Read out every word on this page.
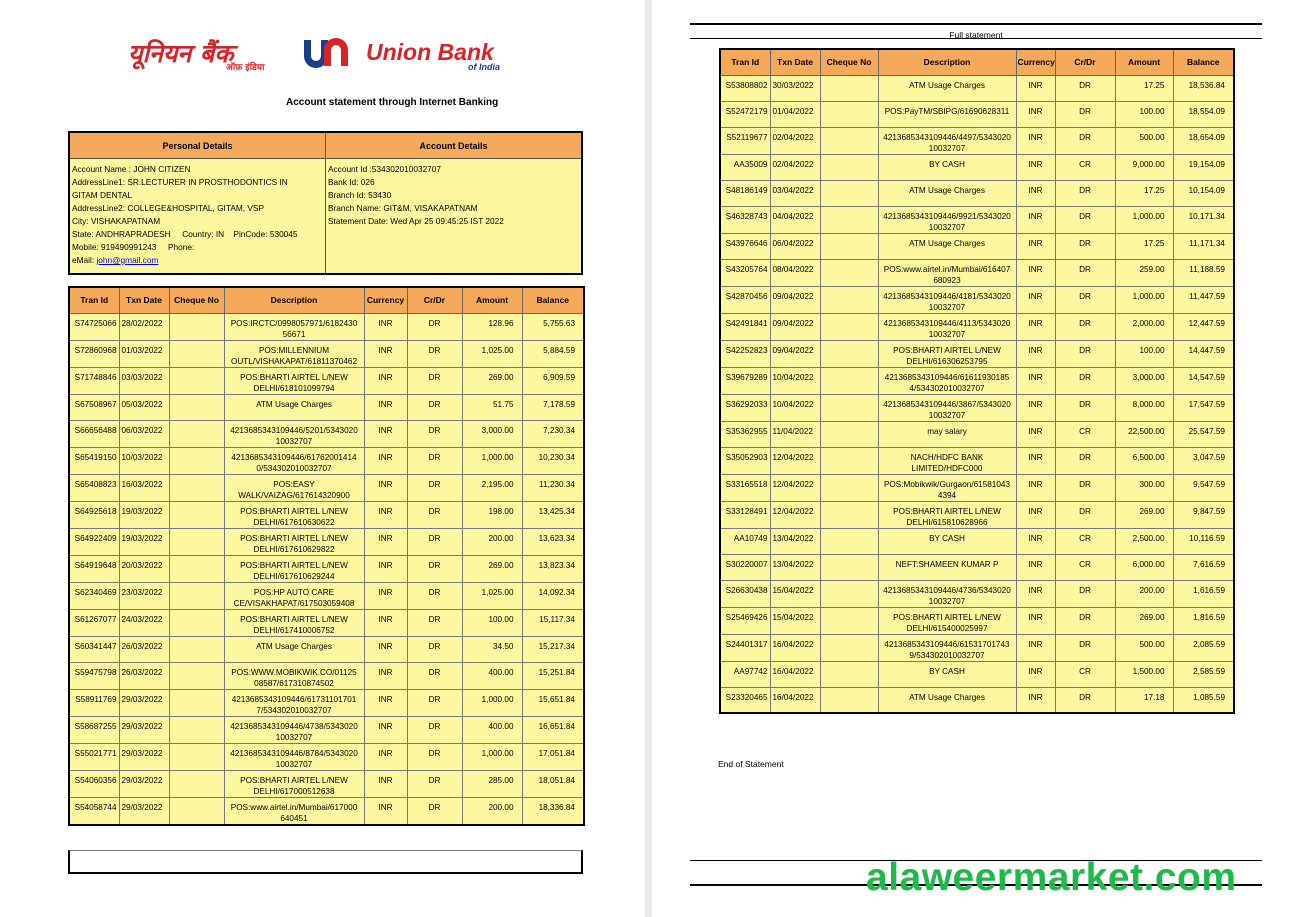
यूनियन बैंक
ऑफ़ इंडिया
Union Bank
of India
Account statement through Internet Banking
Personal Details	Account Details
Account Name : JOHN CITIZEN
AddressLine1: SR.LECTURER IN PROSTHODONTICS IN
GITAM DENTAL
AddressLine2: COLLEGE&HOSPITAL, GITAM, VSP
City: VISHAKAPATNAM
State: ANDHRAPRADESH Country: IN PinCode: 530045
Mobile: 919490991243 Phone:
eMail: john@gmail.com
Account Id :534302010032707
Bank Id: 026
Branch Id: 53430
Branch Name: GIT&M, VISAKAPATNAM
Statement Date: Wed Apr 25 09:45:25 IST 2022
Tran Id	Txn Date	Cheque No	Description	Currency	Cr/Dr	Amount	Balance
S74725066	28/02/2022		POS:IRCTC/0998057971/6182430 56671	INR	DR	128.96	5,755.63
S72860968	01/03/2022		POS:MILLENNIUM OUTL/VISHAKAPAT/61811370462	INR	DR	1,025.00	5,884.59
S71748846	03/03/2022		POS:BHARTI AIRTEL L/NEW DELHI/618101099794	INR	DR	269.00	6,909.59
S67508967	05/03/2022		ATM Usage Charges	INR	DR	51.75	7,178.59
S66656488	06/03/2022		4213685343109446/5201/5343020 10032707	INR	DR	3,000.00	7,230.34
S65419150	10/03/2022		4213685343109446/61762001414 0/534302010032707	INR	DR	1,000.00	10,230.34
S65408823	16/03/2022		POS:EASY WALK/VAIZAG/617614320900	INR	DR	2,195.00	11,230.34
S64925618	19/03/2022		POS:BHARTI AIRTEL L/NEW DELHI/617610630622	INR	DR	198.00	13,425.34
S64922409	19/03/2022		POS:BHARTI AIRTEL L/NEW DELHI/617610629822	INR	DR	200.00	13,623.34
S64919648	20/03/2022		POS:BHARTI AIRTEL L/NEW DELHI/617610629244	INR	DR	269.00	13,823.34
S62340469	23/03/2022		POS:HP AUTO CARE CE/VISAKHAPAT/617503059408	INR	DR	1,025.00	14,092.34
S61267077	24/03/2022		POS:BHARTI AIRTEL L/NEW DELHI/617410006752	INR	DR	100.00	15,117.34
S60341447	26/03/2022		ATM Usage Charges	INR	DR	34.50	15,217.34
S59475798	26/03/2022		POS:WWW.MOBIKWIK.CO/01125 08587/617310874502	INR	DR	400.00	15,251.84
S58911769	29/03/2022		4213685343109446/61731101701 7/534302010032707	INR	DR	1,000.00	15,651.84
S58687255	29/03/2022		4213685343109446/4738/5343020 10032707	INR	DR	400.00	16,651.84
S55021771	29/03/2022		4213685343109446/8784/5343020 10032707	INR	DR	1,000.00	17,051.84
S54060356	29/03/2022		POS:BHARTI AIRTEL L/NEW DELHI/617000512638	INR	DR	285.00	18,051.84
S54058744	29/03/2022		POS:www.airtel.in/Mumbai/617000 640451	INR	DR	200.00	18,336.84
Full statement
Tran Id	Txn Date	Cheque No	Description	Currency	Cr/Dr	Amount	Balance
S53808802	30/03/2022		ATM Usage Charges	INR	DR	17.25	18,536.84
S52472179	01/04/2022		POS:PayTM/SBIPG/61690628311	INR	DR	100.00	18,554.09
S52119677	02/04/2022		4213685343109446/4497/5343020 10032707	INR	DR	500.00	18,654.09
AA35009	02/04/2022		BY CASH	INR	CR	9,000.00	19,154.09
S48186149	03/04/2022		ATM Usage Charges	INR	DR	17.25	10,154.09
S46328743	04/04/2022		4213685343109446/9921/5343020 10032707	INR	DR	1,000.00	10,171.34
S43976646	06/04/2022		ATM Usage Charges	INR	DR	17.25	11,171.34
S43205764	08/04/2022		POS:www.airtel.in/Mumbai/616407 680923	INR	DR	259.00	11,188.59
S42870456	09/04/2022		4213685343109446/4181/5343020 10032707	INR	DR	1,000.00	11,447.59
S42491841	09/04/2022		4213685343109446/4113/5343020 10032707	INR	DR	2,000.00	12,447.59
S42252823	09/04/2022		POS:BHARTI AIRTEL L/NEW DELHI/616306253795	INR	DR	100.00	14,447.59
S39679289	10/04/2022		4213685343109446/61611930185 4/534302010032707	INR	DR	3,000.00	14,547.59
S36292033	10/04/2022		4213685343109446/3867/5343020 10032707	INR	DR	8,000.00	17,547.59
S35362955	11/04/2022		may salary	INR	CR	22,500.00	25,547.59
S35052903	12/04/2022		NACH/HDFC BANK LIMITED/HDFC000	INR	DR	6,500.00	3,047.59
S33165518	12/04/2022		POS:Mobikwik/Gurgaon/61581043 4394	INR	DR	300.00	9,547.59
S33128491	12/04/2022		POS:BHARTI AIRTEL L/NEW DELHI/615810628966	INR	DR	269.00	9,847.59
AA10749	13/04/2022		BY CASH	INR	CR	2,500.00	10,116.59
S30220007	13/04/2022		NEFT:SHAMEEN KUMAR P	INR	CR	6,000.00	7,616.59
S26630438	15/04/2022		4213685343109446/4736/5343020 10032707	INR	DR	200.00	1,616.59
S25469426	15/04/2022		POS:BHARTI AIRTEL L/NEW DELHI/615400025997	INR	DR	269.00	1,816.59
S24401317	16/04/2022		4213685343109446/61531701743 9/534302010032707	INR	DR	500.00	2,085.59
AA97742	16/04/2022		BY CASH	INR	CR	1,500.00	2,585.59
S23320465	16/04/2022		ATM Usage Charges	INR	DR	17.18	1,085.59
End of Statement
alaweermarket.com
